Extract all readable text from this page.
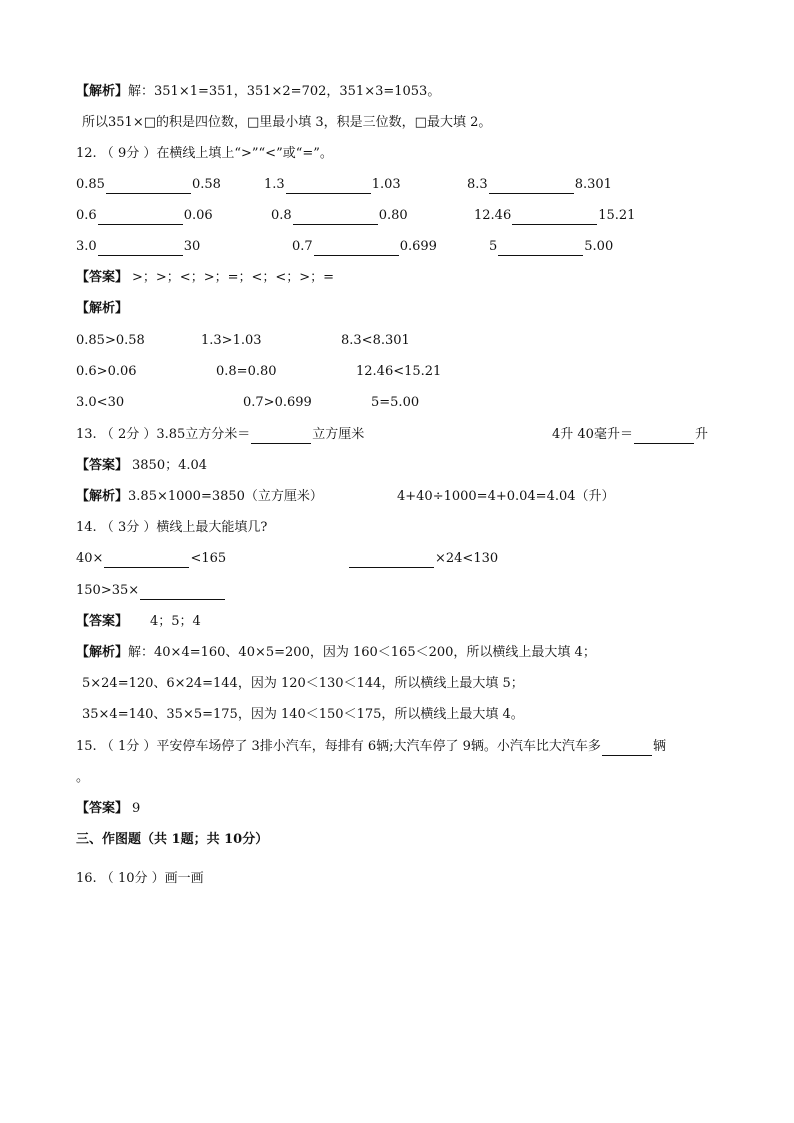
【解析】解：351×1=351，351×2=702，351×3=1053。
所以351×□的积是四位数，□里最小填 3，积是三位数，□最大填 2。
12. （ 9分 ）在横线上填上“>”“<”或“=”。
0.85	0.58	1.3	1.03	8.3	8.301
0.6	0.06	0.8	0.80	12.46	15.21
3.0	30	0.7	0.699	5	5.00
【答案】 >；>；<；>；=；<；<；>；=
【解析】
0.85>0.58	1.3>1.03	8.3<8.301
0.6>0.06	0.8=0.80	12.46<15.21
3.0<30	0.7>0.699	5=5.00
13. （ 2分 ）3.85立方分米＝	立方厘米	4升 40毫升＝	升
【答案】 3850；4.04
【解析】3.85×1000=3850（立方厘米）	4+40÷1000=4+0.04=4.04（升）
14. （ 3分 ）横线上最大能填几?
40×	<165	×24<130
150>35×
【答案】 4；5；4
【解析】解：40×4=160、40×5=200，因为 160＜165＜200，所以横线上最大填 4；
5×24=120、6×24=144，因为 120＜130＜144，所以横线上最大填 5；
35×4=140、35×5=175，因为 140＜150＜175，所以横线上最大填 4。
15. （ 1分 ）平安停车场停了 3排小汽车，每排有 6辆;大汽车停了 9辆。小汽车比大汽车多	辆
。
【答案】 9
三、作图题（共 1题；共 10分）
16. （ 10分 ）画一画
